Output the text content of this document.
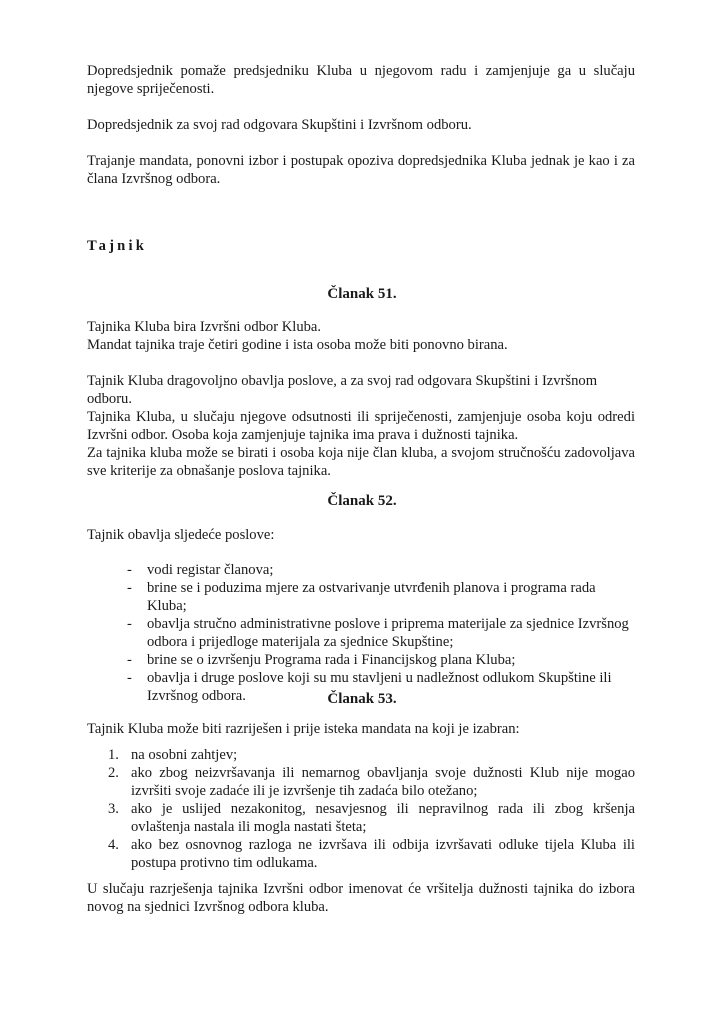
Dopredsjednik pomaže predsjedniku Kluba u njegovom radu i zamjenjuje ga u slučaju njegove spriječenosti.

Dopredsjednik za svoj rad odgovara Skupštini i Izvršnom odboru.

Trajanje mandata, ponovni izbor i postupak opoziva dopredsjednika Kluba jednak je kao i za člana Izvršnog odbora.

Tajnik
Članak 51.
Tajnika Kluba bira Izvršni odbor Kluba.
Mandat tajnika traje četiri godine i ista osoba može biti ponovno birana.
Tajnik Kluba dragovoljno obavlja poslove, a za svoj rad odgovara Skupštini i Izvršnom odboru.
Tajnika Kluba, u slučaju njegove odsutnosti ili spriječenosti, zamjenjuje osoba koju odredi Izvršni odbor. Osoba koja zamjenjuje tajnika ima prava i dužnosti tajnika.

Za tajnika kluba može se birati i osoba koja nije član kluba, a svojom stručnošću zadovoljava sve kriterije za obnašanje poslova tajnika.

Članak 52.

Tajnik obavlja sljedeće poslove:

- vodi registar članova;
- brine se i poduzima mjere za ostvarivanje utvrđenih planova i programa rada Kluba;
- obavlja stručno administrativne poslove i priprema materijale za sjednice Izvršnog odbora i prijedloge materijala za sjednice Skupštine;
- brine se o izvršenju Programa rada i Financijskog plana Kluba;
- obavlja i druge poslove koji su mu stavljeni u nadležnost odlukom Skupštine ili Izvršnog odbora.	Članak 53.

Tajnik Kluba može biti razriješen i prije isteka mandata na koji je izabran:

1. na osobni zahtjev;
2. ako zbog neizvršavanja ili nemarnog obavljanja svoje dužnosti Klub nije mogao izvršiti svoje zadaće ili je izvršenje tih zadaća bilo otežano;
3. ako je uslijed nezakonitog, nesavjesnog ili nepravilnog rada ili zbog kršenja ovlaštenja nastala ili mogla nastati šteta;
4. ako bez osnovnog razloga ne izvršava ili odbija izvršavati odluke tijela Kluba ili postupa protivno tim odlukama.

U slučaju razrješenja tajnika Izvršni odbor imenovat će vršitelja dužnosti tajnika do izbora novog na sjednici Izvršnog odbora kluba.
